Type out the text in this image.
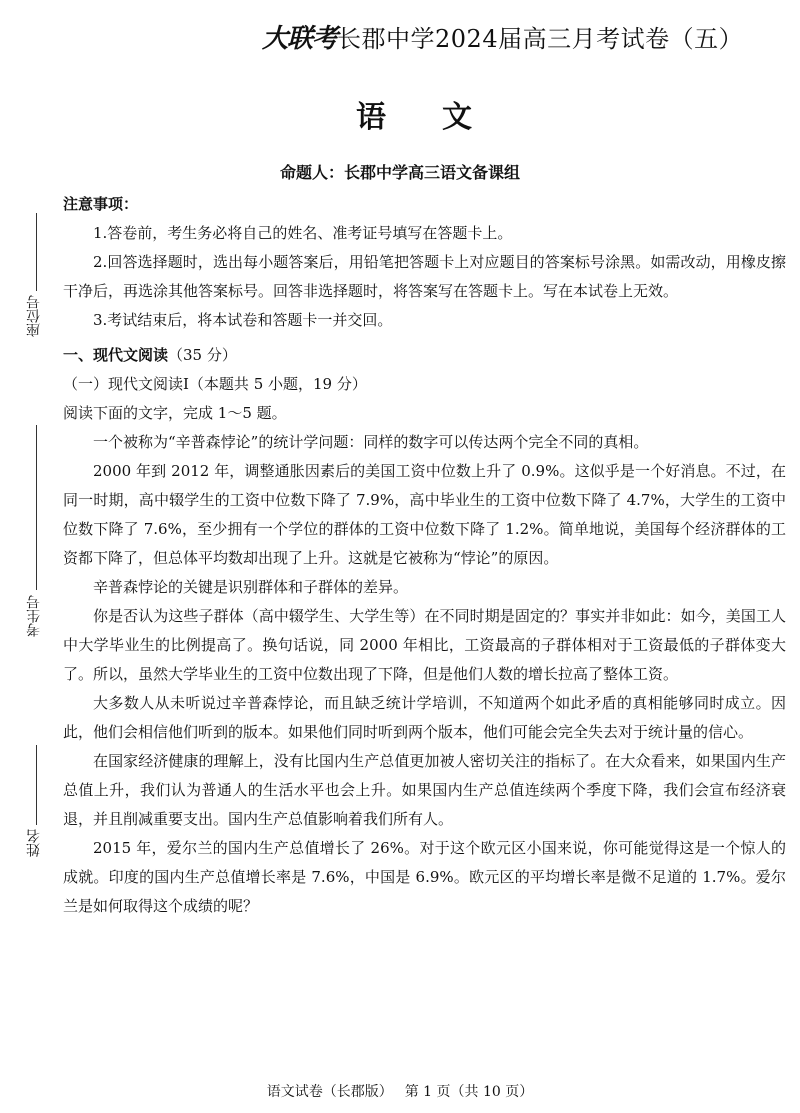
大联考长郡中学2024届高三月考试卷（五）
语 文
命题人：长郡中学高三语文备课组
座位号
考生号
姓名

注意事项：

1.答卷前，考生务必将自己的姓名、准考证号填写在答题卡上。

2.回答选择题时，选出每小题答案后，用铅笔把答题卡上对应题目的答案标号涂黑。如需改动，用橡皮擦干净后，再选涂其他答案标号。回答非选择题时，将答案写在答题卡上。写在本试卷上无效。

3.考试结束后，将本试卷和答题卡一并交回。

一、现代文阅读（35 分）

（一）现代文阅读Ⅰ（本题共 5 小题，19 分）

阅读下面的文字，完成 1～5 题。

一个被称为“辛普森悖论”的统计学问题：同样的数字可以传达两个完全不同的真相。

2000 年到 2012 年，调整通胀因素后的美国工资中位数上升了 0.9%。这似乎是一个好消息。不过，在同一时期，高中辍学生的工资中位数下降了 7.9%，高中毕业生的工资中位数下降了 4.7%，大学生的工资中位数下降了 7.6%，至少拥有一个学位的群体的工资中位数下降了 1.2%。简单地说，美国每个经济群体的工资都下降了，但总体平均数却出现了上升。这就是它被称为“悖论”的原因。

辛普森悖论的关键是识别群体和子群体的差异。

你是否认为这些子群体（高中辍学生、大学生等）在不同时期是固定的？事实并非如此：如今，美国工人中大学毕业生的比例提高了。换句话说，同 2000 年相比，工资最高的子群体相对于工资最低的子群体变大了。所以，虽然大学毕业生的工资中位数出现了下降，但是他们人数的增长拉高了整体工资。

大多数人从未听说过辛普森悖论，而且缺乏统计学培训，不知道两个如此矛盾的真相能够同时成立。因此，他们会相信他们听到的版本。如果他们同时听到两个版本，他们可能会完全失去对于统计量的信心。

在国家经济健康的理解上，没有比国内生产总值更加被人密切关注的指标了。在大众看来，如果国内生产总值上升，我们认为普通人的生活水平也会上升。如果国内生产总值连续两个季度下降，我们会宣布经济衰退，并且削减重要支出。国内生产总值影响着我们所有人。

2015 年，爱尔兰的国内生产总值增长了 26%。对于这个欧元区小国来说，你可能觉得这是一个惊人的成就。印度的国内生产总值增长率是 7.6%，中国是 6.9%。欧元区的平均增长率是微不足道的 1.7%。爱尔兰是如何取得这个成绩的呢？

语文试卷（长郡版） 第 1 页（共 10 页）
